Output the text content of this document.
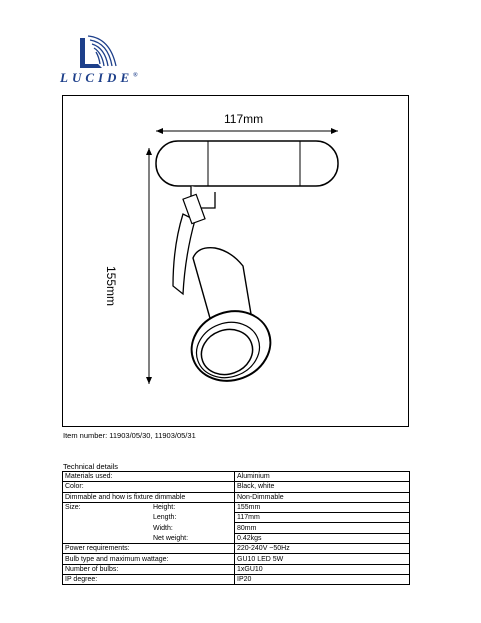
LUCIDE®
117mm
155mm
Item number: 11903/05/30, 11903/05/31
Technical details
Materials used:	Aluminium
Color:	Black, white
Dimmable and how is fixture dimmable	Non-Dimmable
Size: Height:	155mm
Length:	117mm
Width:	80mm
Net weight:	0.42kgs
Power requirements:	220-240V ~50Hz
Bulb type and maximum wattage:	GU10 LED 5W
Number of bulbs:	1xGU10
IP degree:	IP20
